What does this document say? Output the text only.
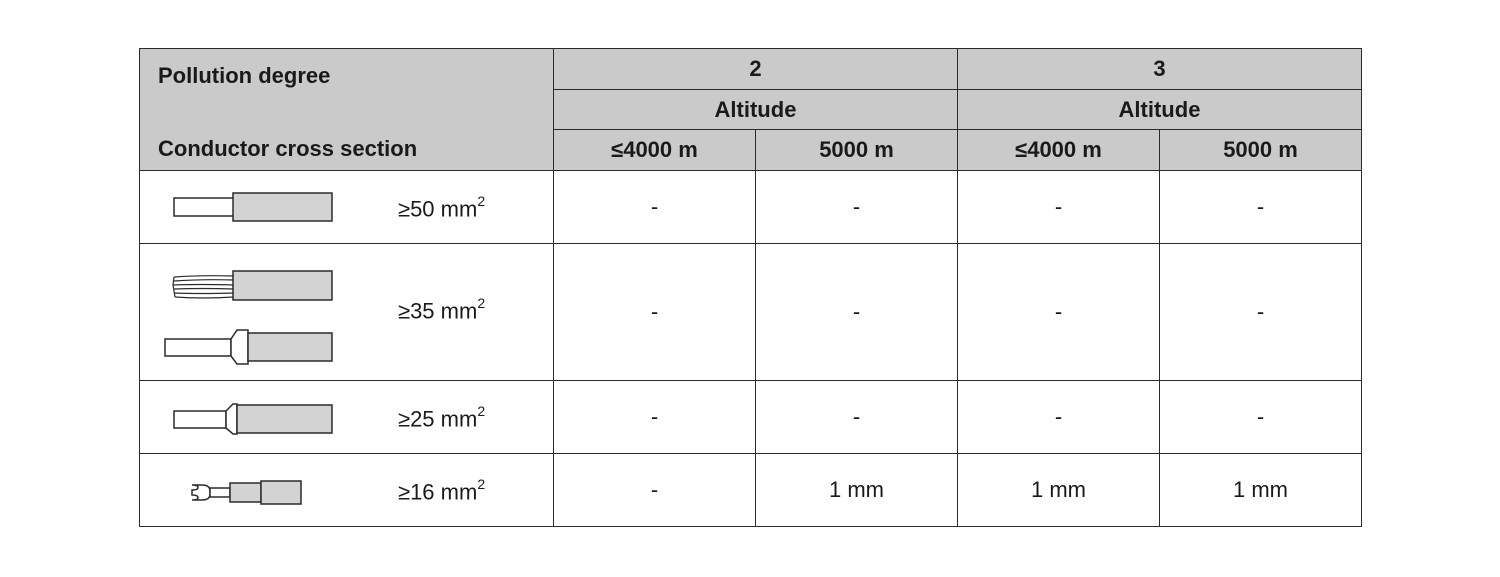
Pollution degree
Conductor cross section	2		3	
	Altitude		Altitude	
	≤4000 m	5000 m	≤4000 m	5000 m

≥50 $mm^2$	-	-	-	-

≥35 $mm^2$	-	-	-	-

≥25 $mm^2$	-	-	-	-

≥16 $mm^2$	-	1 mm	1 mm	1 mm
